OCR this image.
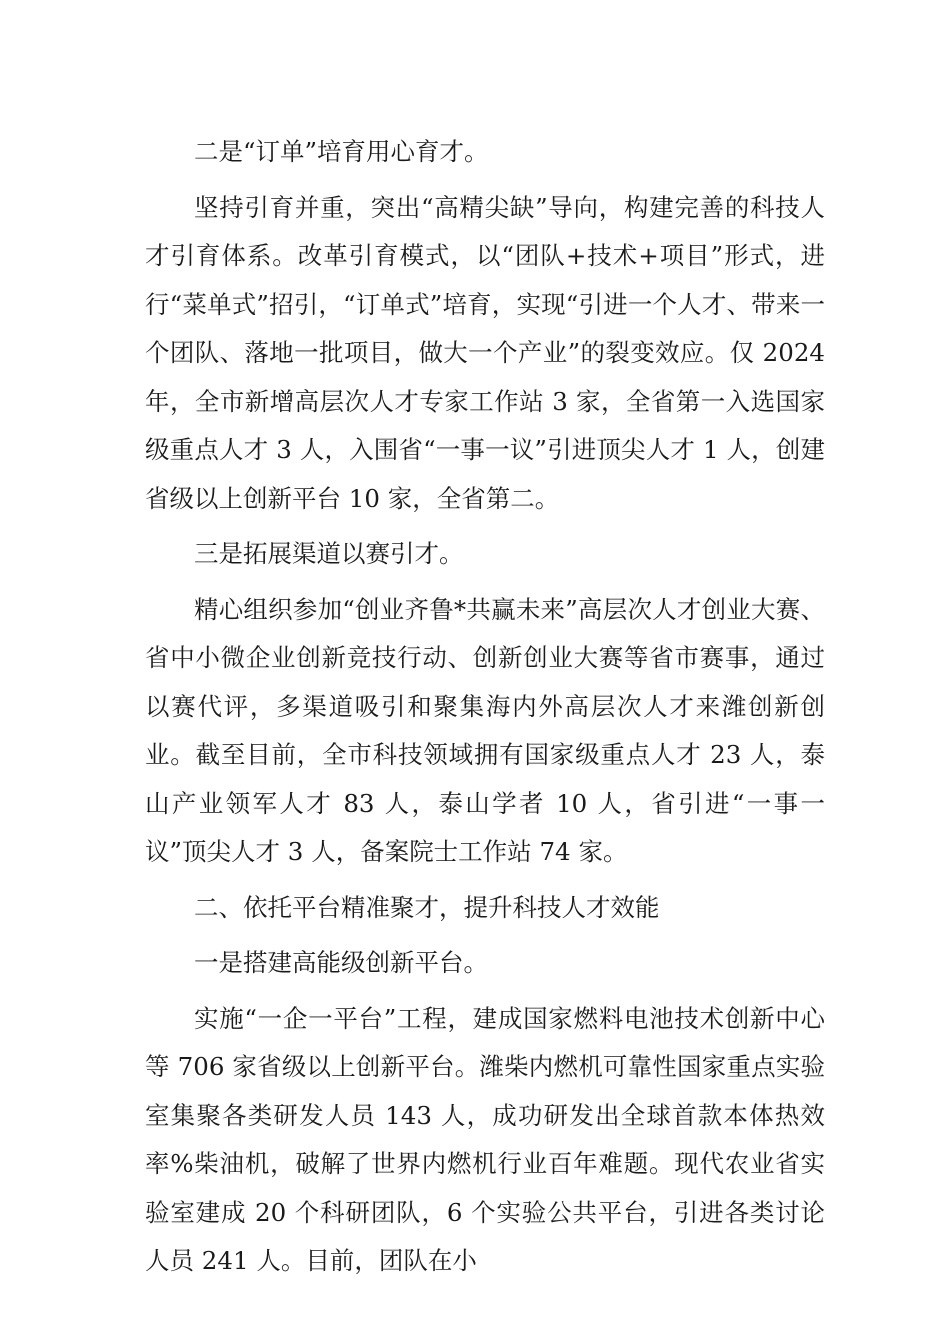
二是“订单”培育用心育才。

坚持引育并重，突出“高精尖缺”导向，构建完善的科技人才引育体系。改革引育模式，以“团队+技术+项目”形式，进行“菜单式”招引，“订单式”培育，实现“引进一个人才、带来一个团队、落地一批项目，做大一个产业”的裂变效应。仅 2024 年，全市新增高层次人才专家工作站 3 家，全省第一入选国家级重点人才 3 人，入围省“一事一议”引进顶尖人才 1 人，创建省级以上创新平台 10 家，全省第二。

三是拓展渠道以赛引才。

精心组织参加“创业齐鲁*共赢未来”高层次人才创业大赛、省中小微企业创新竞技行动、创新创业大赛等省市赛事，通过以赛代评，多渠道吸引和聚集海内外高层次人才来潍创新创业。截至目前，全市科技领域拥有国家级重点人才 23 人，泰山产业领军人才 83 人，泰山学者 10 人，省引进“一事一议”顶尖人才 3 人，备案院士工作站 74 家。

二、依托平台精准聚才，提升科技人才效能

一是搭建高能级创新平台。

实施“一企一平台”工程，建成国家燃料电池技术创新中心等 706 家省级以上创新平台。潍柴内燃机可靠性国家重点实验室集聚各类研发人员 143 人，成功研发出全球首款本体热效率%柴油机，破解了世界内燃机行业百年难题。现代农业省实验室建成 20 个科研团队，6 个实验公共平台，引进各类讨论人员 241 人。目前，团队在小
